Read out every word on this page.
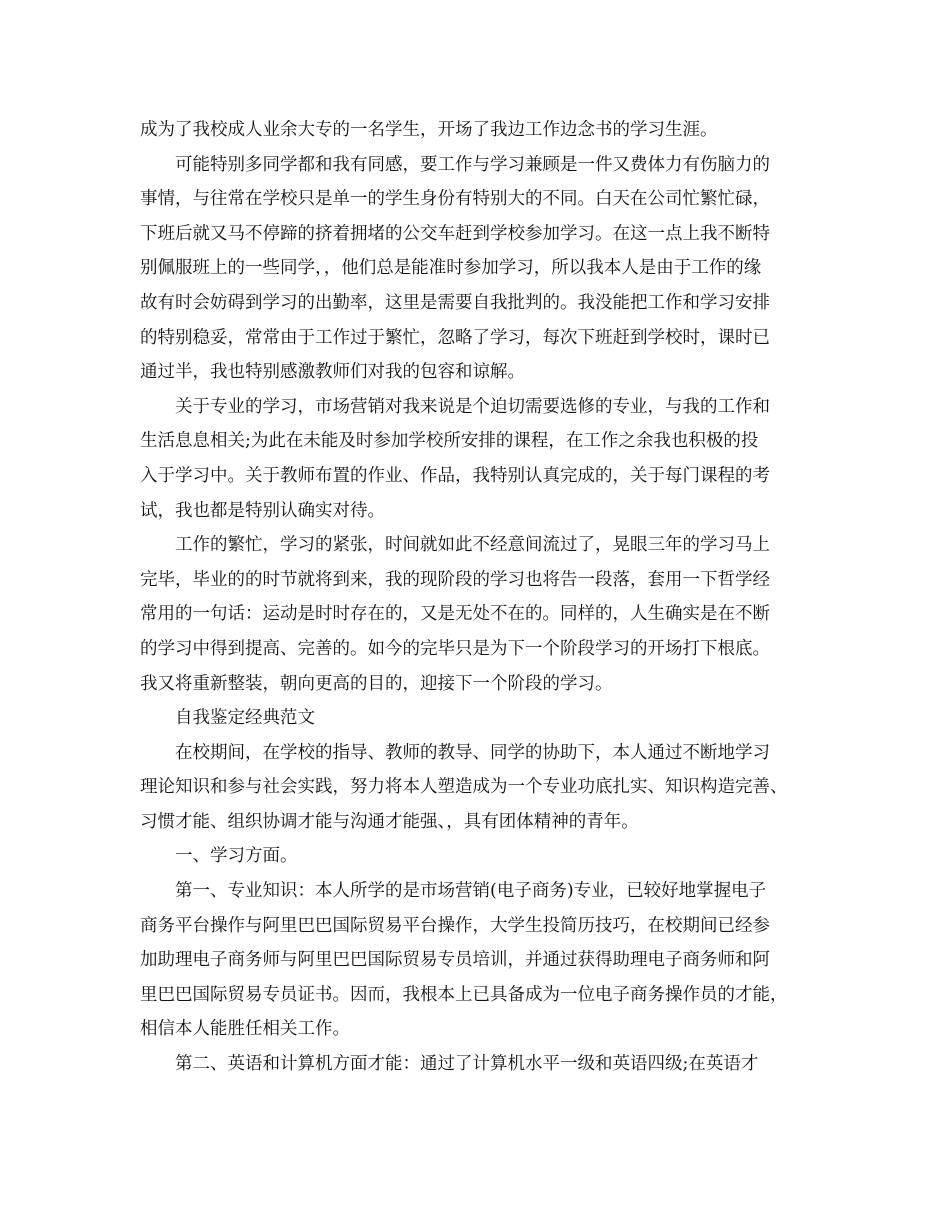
成为了我校成人业余大专的一名学生，开场了我边工作边念书的学习生涯。
可能特别多同学都和我有同感，要工作与学习兼顾是一件又费体力有伤脑力的
事情，与往常在学校只是单一的学生身份有特别大的不同。白天在公司忙繁忙碌，
下班后就又马不停蹄的挤着拥堵的公交车赶到学校参加学习。在这一点上我不断特
别佩服班上的一些同学，，他们总是能准时参加学习，所以我本人是由于工作的缘
故有时会妨碍到学习的出勤率，这里是需要自我批判的。我没能把工作和学习安排
的特别稳妥，常常由于工作过于繁忙，忽略了学习，每次下班赶到学校时，课时已
通过半，我也特别感激教师们对我的包容和谅解。
关于专业的学习，市场营销对我来说是个迫切需要选修的专业，与我的工作和
生活息息相关;为此在未能及时参加学校所安排的课程，在工作之余我也积极的投
入于学习中。关于教师布置的作业、作品，我特别认真完成的，关于每门课程的考
试，我也都是特别认确实对待。
工作的繁忙，学习的紧张，时间就如此不经意间流过了，晃眼三年的学习马上
完毕，毕业的的时节就将到来，我的现阶段的学习也将告一段落，套用一下哲学经
常用的一句话：运动是时时存在的，又是无处不在的。同样的，人生确实是在不断
的学习中得到提高、完善的。如今的完毕只是为下一个阶段学习的开场打下根底。
我又将重新整装，朝向更高的目的，迎接下一个阶段的学习。
自我鉴定经典范文
在校期间，在学校的指导、教师的教导、同学的协助下，本人通过不断地学习
理论知识和参与社会实践，努力将本人塑造成为一个专业功底扎实、知识构造完善、
习惯才能、组织协调才能与沟通才能强、，具有团体精神的青年。
一、学习方面。
第一、专业知识：本人所学的是市场营销(电子商务)专业，已较好地掌握电子
商务平台操作与阿里巴巴国际贸易平台操作，大学生投简历技巧，在校期间已经参
加助理电子商务师与阿里巴巴国际贸易专员培训，并通过获得助理电子商务师和阿
里巴巴国际贸易专员证书。因而，我根本上已具备成为一位电子商务操作员的才能，
相信本人能胜任相关工作。
第二、英语和计算机方面才能：通过了计算机水平一级和英语四级;在英语才
